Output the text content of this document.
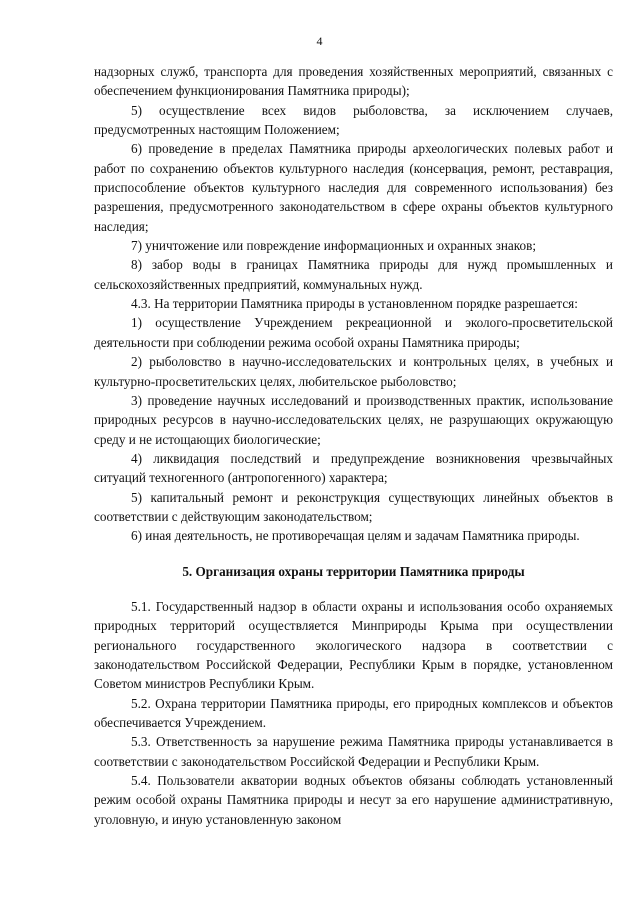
4

надзорных служб, транспорта для проведения хозяйственных мероприятий, связанных с обеспечением функционирования Памятника природы);

5) осуществление всех видов рыболовства, за исключением случаев, предусмотренных настоящим Положением;

6) проведение в пределах Памятника природы археологических полевых работ и работ по сохранению объектов культурного наследия (консервация, ремонт, реставрация, приспособление объектов культурного наследия для современного использования) без разрешения, предусмотренного законодательством в сфере охраны объектов культурного наследия;

7) уничтожение или повреждение информационных и охранных знаков;

8) забор воды в границах Памятника природы для нужд промышленных и сельскохозяйственных предприятий, коммунальных нужд.

4.3. На территории Памятника природы в установленном порядке разрешается:

1) осуществление Учреждением рекреационной и эколого-просветительской деятельности при соблюдении режима особой охраны Памятника природы;

2) рыболовство в научно-исследовательских и контрольных целях, в учебных и культурно-просветительских целях, любительское рыболовство;

3) проведение научных исследований и производственных практик, использование природных ресурсов в научно-исследовательских целях, не разрушающих окружающую среду и не истощающих биологические;

4) ликвидация последствий и предупреждение возникновения чрезвычайных ситуаций техногенного (антропогенного) характера;

5) капитальный ремонт и реконструкция существующих линейных объектов в соответствии с действующим законодательством;

6) иная деятельность, не противоречащая целям и задачам Памятника природы.

5. Организация охраны территории Памятника природы

5.1. Государственный надзор в области охраны и использования особо охраняемых природных территорий осуществляется Минприроды Крыма при осуществлении регионального государственного экологического надзора в соответствии с законодательством Российской Федерации, Республики Крым в порядке, установленном Советом министров Республики Крым.

5.2. Охрана территории Памятника природы, его природных комплексов и объектов обеспечивается Учреждением.

5.3. Ответственность за нарушение режима Памятника природы устанавливается в соответствии с законодательством Российской Федерации и Республики Крым.

5.4. Пользователи акватории водных объектов обязаны соблюдать установленный режим особой охраны Памятника природы и несут за его нарушение административную, уголовную, и иную установленную законом
